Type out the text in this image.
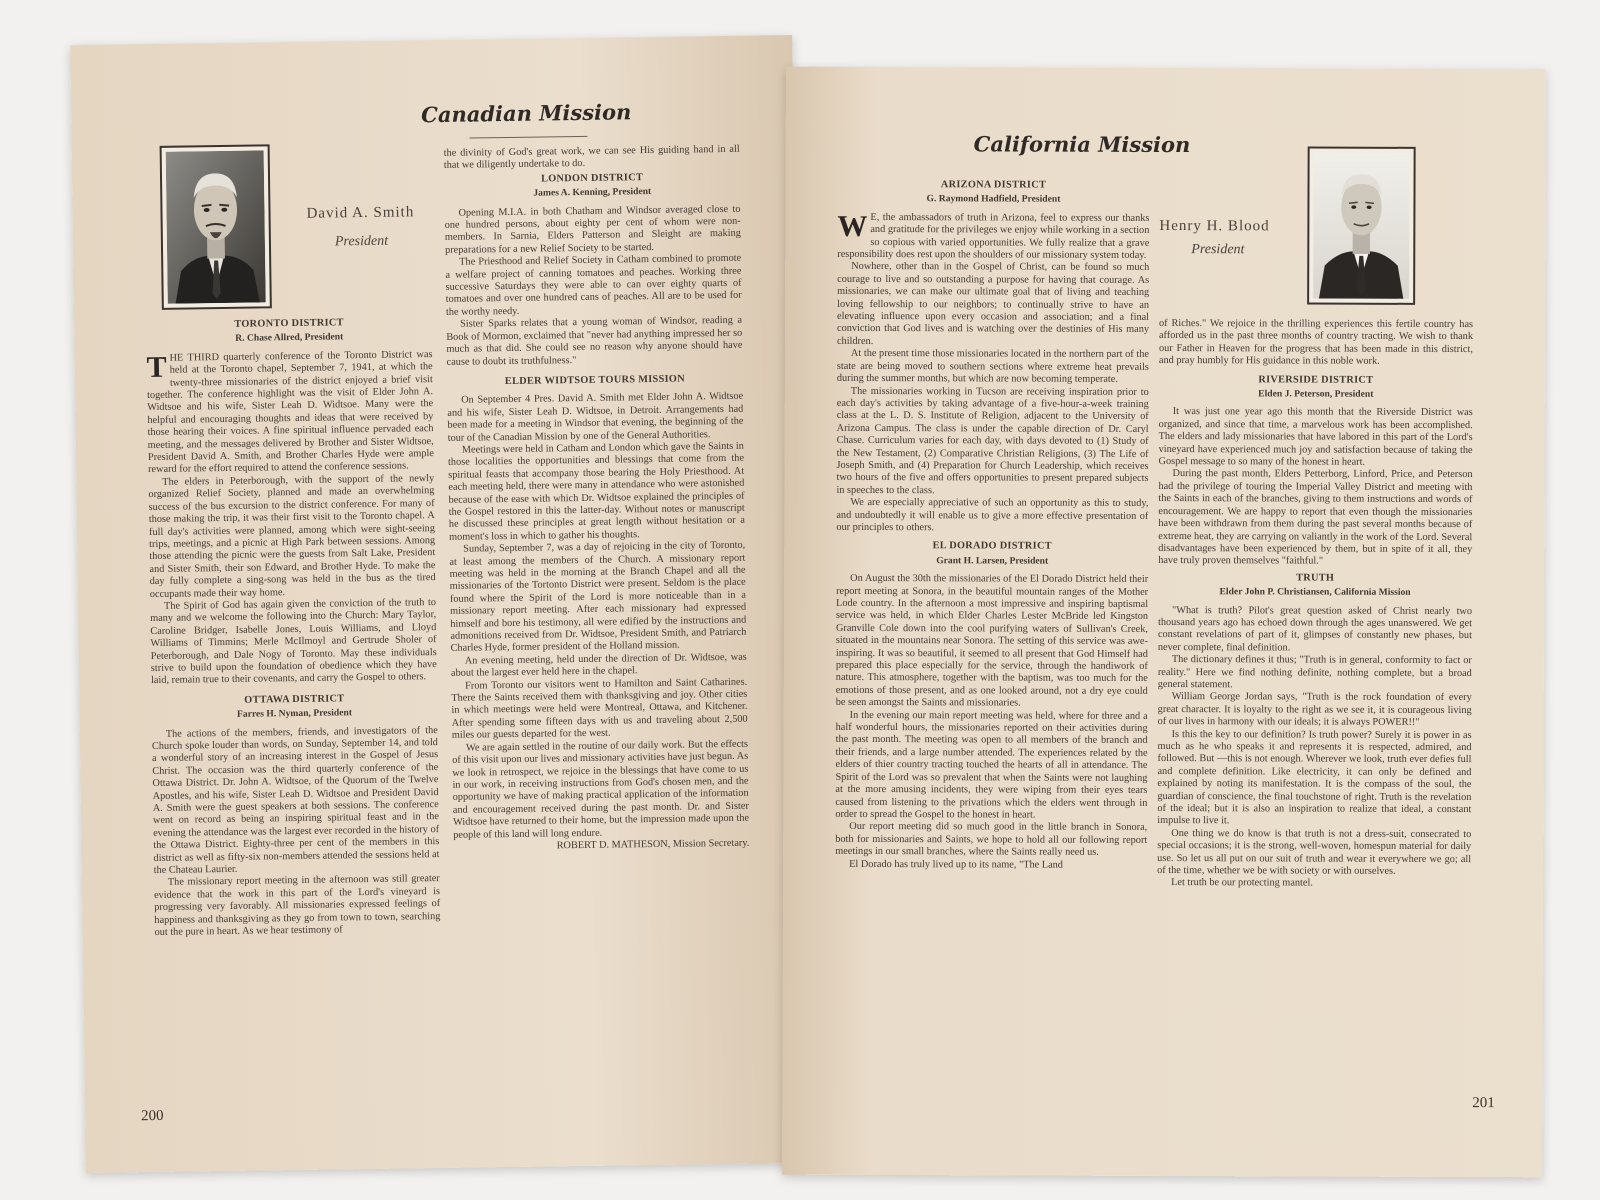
Canadian Mission
David A. Smith
President
TORONTO DISTRICT
R. Chase Allred, President

THE THIRD quarterly conference of the Toronto District was held at the Toronto chapel, September 7, 1941, at which the twenty-three missionaries of the district enjoyed a brief visit together. The conference highlight was the visit of Elder John A. Widtsoe and his wife, Sister Leah D. Widtsoe. Many were the helpful and encouraging thoughts and ideas that were received by those hearing their voices. A fine spiritual influence pervaded each meeting, and the messages delivered by Brother and Sister Widtsoe, President David A. Smith, and Brother Charles Hyde were ample reward for the effort required to attend the conference sessions.

The elders in Peterborough, with the support of the newly organized Relief Society, planned and made an overwhelming success of the bus excursion to the district conference. For many of those making the trip, it was their first visit to the Toronto chapel. A full day's activities were planned, among which were sight-seeing trips, meetings, and a picnic at High Park between sessions. Among those attending the picnic were the guests from Salt Lake, President and Sister Smith, their son Edward, and Brother Hyde. To make the day fully complete a sing-song was held in the bus as the tired occupants made their way home.

The Spirit of God has again given the conviction of the truth to many and we welcome the following into the Church: Mary Taylor, Caroline Bridger, Isabelle Jones, Louis Williams, and Lloyd Williams of Timmins; Merle McIlmoyl and Gertrude Sholer of Peterborough, and Dale Nogy of Toronto. May these individuals strive to build upon the foundation of obedience which they have laid, remain true to their covenants, and carry the Gospel to others.

OTTAWA DISTRICT
Farres H. Nyman, President

The actions of the members, friends, and investigators of the Church spoke louder than words, on Sunday, September 14, and told a wonderful story of an increasing interest in the Gospel of Jesus Christ. The occasion was the third quarterly conference of the Ottawa District. Dr. John A. Widtsoe, of the Quorum of the Twelve Apostles, and his wife, Sister Leah D. Widtsoe and President David A. Smith were the guest speakers at both sessions. The conference went on record as being an inspiring spiritual feast and in the evening the attendance was the largest ever recorded in the history of the Ottawa District. Eighty-three per cent of the members in this district as well as fifty-six non-members attended the sessions held at the Chateau Laurier.

The missionary report meeting in the afternoon was still greater evidence that the work in this part of the Lord's vineyard is progressing very favorably. All missionaries expressed feelings of happiness and thanksgiving as they go from town to town, searching out the pure in heart. As we hear testimony of

the divinity of God's great work, we can see His guiding hand in all that we diligently undertake to do.

LONDON DISTRICT
James A. Kenning, President

Opening M.I.A. in both Chatham and Windsor averaged close to one hundred persons, about eighty per cent of whom were non-members. In Sarnia, Elders Patterson and Sleight are making preparations for a new Relief Society to be started.

The Priesthood and Relief Society in Catham combined to promote a welfare project of canning tomatoes and peaches. Working three successive Saturdays they were able to can over eighty quarts of tomatoes and over one hundred cans of peaches. All are to be used for the worthy needy.

Sister Sparks relates that a young woman of Windsor, reading a Book of Mormon, exclaimed that "never had anything impressed her so much as that did. She could see no reason why anyone should have cause to doubt its truthfulness."

ELDER WIDTSOE TOURS MISSION

On September 4 Pres. David A. Smith met Elder John A. Widtsoe and his wife, Sister Leah D. Widtsoe, in Detroit. Arrangements had been made for a meeting in Windsor that evening, the beginning of the tour of the Canadian Mission by one of the General Authorities.

Meetings were held in Catham and London which gave the Saints in those localities the opportunities and blessings that come from the spiritual feasts that accompany those bearing the Holy Priesthood. At each meeting held, there were many in attendance who were astonished because of the ease with which Dr. Widtsoe explained the principles of the Gospel restored in this the latter-day. Without notes or manuscript he discussed these principles at great length without hesitation or a moment's loss in which to gather his thoughts.

Sunday, September 7, was a day of rejoicing in the city of Toronto, at least among the members of the Church. A missionary report meeting was held in the morning at the Branch Chapel and all the missionaries of the Tortonto District were present. Seldom is the place found where the Spirit of the Lord is more noticeable than in a missionary report meeting. After each missionary had expressed himself and bore his testimony, all were edified by the instructions and admonitions received from Dr. Widtsoe, President Smith, and Patriarch Charles Hyde, former president of the Holland mission.

An evening meeting, held under the direction of Dr. Widtsoe, was about the largest ever held here in the chapel.

From Toronto our visitors went to Hamilton and Saint Catharines. There the Saints received them with thanksgiving and joy. Other cities in which meetings were held were Montreal, Ottawa, and Kitchener. After spending some fifteen days with us and traveling about 2,500 miles our guests departed for the west.

We are again settled in the routine of our daily work. But the effects of this visit upon our lives and missionary activities have just begun. As we look in retrospect, we rejoice in the blessings that have come to us in our work, in receiving instructions from God's chosen men, and the opportunity we have of making practical application of the information and encouragement received during the past month. Dr. and Sister Widtsoe have returned to their home, but the impression made upon the people of this land will long endure.

ROBERT D. MATHESON, Mission Secretary.

200
California Mission
Henry H. Blood
President
ARIZONA DISTRICT
G. Raymond Hadfield, President

W E, the ambassadors of truth in Arizona, feel to express our thanks and gratitude for the privileges we enjoy while working in a section so copious with varied opportunities. We fully realize that a grave responsibility does rest upon the shoulders of our missionary system today.

Nowhere, other than in the Gospel of Christ, can be found so much courage to live and so outstanding a purpose for having that courage. As missionaries, we can make our ultimate goal that of living and teaching loving fellowship to our neighbors; to continually strive to have an elevating influence upon every occasion and association; and a final conviction that God lives and is watching over the destinies of His many children.

At the present time those missionaries located in the northern part of the state are being moved to southern sections where extreme heat prevails during the summer months, but which are now becoming temperate.

The missionaries working in Tucson are receiving inspiration prior to each day's activities by taking advantage of a five-hour-a-week training class at the L. D. S. Institute of Religion, adjacent to the University of Arizona Campus. The class is under the capable direction of Dr. Caryl Chase. Curriculum varies for each day, with days devoted to (1) Study of the New Testament, (2) Comparative Christian Religions, (3) The Life of Joseph Smith, and (4) Preparation for Church Leadership, which receives two hours of the five and offers opportunities to present prepared subjects in speeches to the class.

We are especially appreciative of such an opportunity as this to study, and undoubtedly it will enable us to give a more effective presentation of our principles to others.

EL DORADO DISTRICT
Grant H. Larsen, President

On August the 30th the missionaries of the El Dorado District held their report meeting at Sonora, in the beautiful mountain ranges of the Mother Lode country. In the afternoon a most impressive and inspiring baptismal service was held, in which Elder Charles Lester McBride led Kingston Granville Cole down into the cool purifying waters of Sullivan's Creek, situated in the mountains near Sonora. The setting of this service was awe-inspiring. It was so beautiful, it seemed to all present that God Himself had prepared this place especially for the service, through the handiwork of nature. This atmosphere, together with the baptism, was too much for the emotions of those present, and as one looked around, not a dry eye could be seen amongst the Saints and missionaries.

In the evening our main report meeting was held, where for three and a half wonderful hours, the missionaries reported on their activities during the past month. The meeting was open to all members of the branch and their friends, and a large number attended. The experiences related by the elders of thier country tracting touched the hearts of all in attendance. The Spirit of the Lord was so prevalent that when the Saints were not laughing at the more amusing incidents, they were wiping from their eyes tears caused from listening to the privations which the elders went through in order to spread the Gospel to the honest in heart.

Our report meeting did so much good in the little branch in Sonora, both for missionaries and Saints, we hope to hold all our following report meetings in our small branches, where the Saints really need us.

El Dorado has truly lived up to its name, "The Land

of Riches." We rejoice in the thrilling experiences this fertile country has afforded us in the past three months of country tracting. We wish to thank our Father in Heaven for the progress that has been made in this district, and pray humbly for His guidance in this noble work.

RIVERSIDE DISTRICT
Elden J. Peterson, President

It was just one year ago this month that the Riverside District was organized, and since that time, a marvelous work has been accomplished. The elders and lady missionaries that have labored in this part of the Lord's vineyard have experienced much joy and satisfaction because of taking the Gospel message to so many of the honest in heart.

During the past month, Elders Petterborg, Linford, Price, and Peterson had the privilege of touring the Imperial Valley District and meeting with the Saints in each of the branches, giving to them instructions and words of encouragement. We are happy to report that even though the missionaries have been withdrawn from them during the past several months because of extreme heat, they are carrying on valiantly in the work of the Lord. Several disadvantages have been experienced by them, but in spite of it all, they have truly proven themselves "faithful."

TRUTH
Elder John P. Christiansen, California Mission

"What is truth? Pilot's great question asked of Christ nearly two thousand years ago has echoed down through the ages unanswered. We get constant revelations of part of it, glimpses of constantly new phases, but never complete, final definition.

The dictionary defines it thus; "Truth is in general, conformity to fact or reality." Here we find nothing definite, nothing complete, but a broad general statement.

William George Jordan says, "Truth is the rock foundation of every great character. It is loyalty to the right as we see it, it is courageous living of our lives in harmony with our ideals; it is always POWER!!"

Is this the key to our definition? Is truth power? Surely it is power in as much as he who speaks it and represents it is respected, admired, and followed. But —this is not enough. Wherever we look, truth ever defies full and complete definition. Like electricity, it can only be defined and explained by noting its manifestation. It is the compass of the soul, the guardian of conscience, the final touchstone of right. Truth is the revelation of the ideal; but it is also an inspiration to realize that ideal, a constant impulse to live it.

One thing we do know is that truth is not a dress-suit, consecrated to special occasions; it is the strong, well-woven, homespun material for daily use. So let us all put on our suit of truth and wear it everywhere we go; all of the time, whether we be with society or with ourselves.

Let truth be our protecting mantel.

201
